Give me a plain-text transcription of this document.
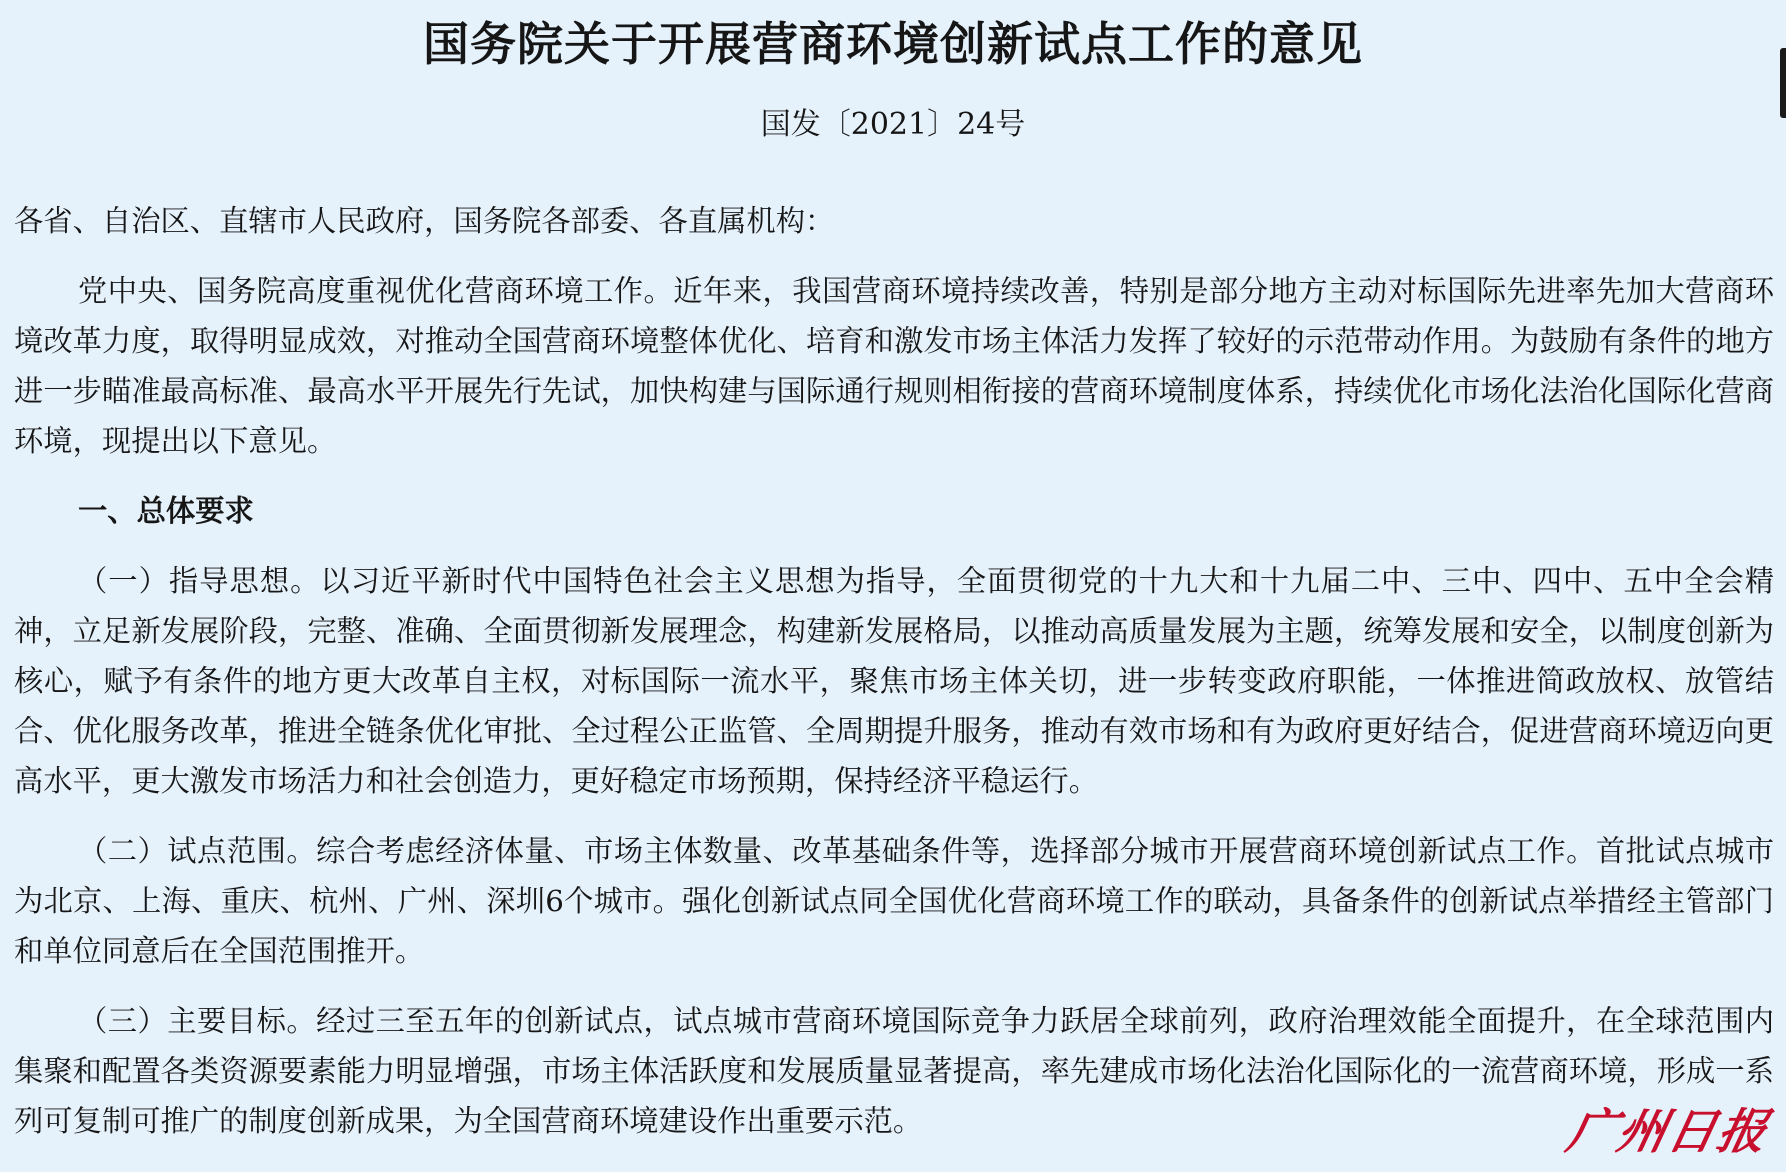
国务院关于开展营商环境创新试点工作的意见
国发〔2021〕24号

各省、自治区、直辖市人民政府，国务院各部委、各直属机构：

党中央、国务院高度重视优化营商环境工作。近年来，我国营商环境持续改善，特别是部分地方主动对标国际先进率先加大营商环境改革力度，取得明显成效，对推动全国营商环境整体优化、培育和激发市场主体活力发挥了较好的示范带动作用。为鼓励有条件的地方进一步瞄准最高标准、最高水平开展先行先试，加快构建与国际通行规则相衔接的营商环境制度体系，持续优化市场化法治化国际化营商环境，现提出以下意见。

一、总体要求

（一）指导思想。以习近平新时代中国特色社会主义思想为指导，全面贯彻党的十九大和十九届二中、三中、四中、五中全会精神，立足新发展阶段，完整、准确、全面贯彻新发展理念，构建新发展格局，以推动高质量发展为主题，统筹发展和安全，以制度创新为核心，赋予有条件的地方更大改革自主权，对标国际一流水平，聚焦市场主体关切，进一步转变政府职能，一体推进简政放权、放管结合、优化服务改革，推进全链条优化审批、全过程公正监管、全周期提升服务，推动有效市场和有为政府更好结合，促进营商环境迈向更高水平，更大激发市场活力和社会创造力，更好稳定市场预期，保持经济平稳运行。

（二）试点范围。综合考虑经济体量、市场主体数量、改革基础条件等，选择部分城市开展营商环境创新试点工作。首批试点城市为北京、上海、重庆、杭州、广州、深圳6个城市。强化创新试点同全国优化营商环境工作的联动，具备条件的创新试点举措经主管部门和单位同意后在全国范围推开。

（三）主要目标。经过三至五年的创新试点，试点城市营商环境国际竞争力跃居全球前列，政府治理效能全面提升，在全球范围内集聚和配置各类资源要素能力明显增强，市场主体活跃度和发展质量显著提高，率先建成市场化法治化国际化的一流营商环境，形成一系列可复制可推广的制度创新成果，为全国营商环境建设作出重要示范。	广州日报
